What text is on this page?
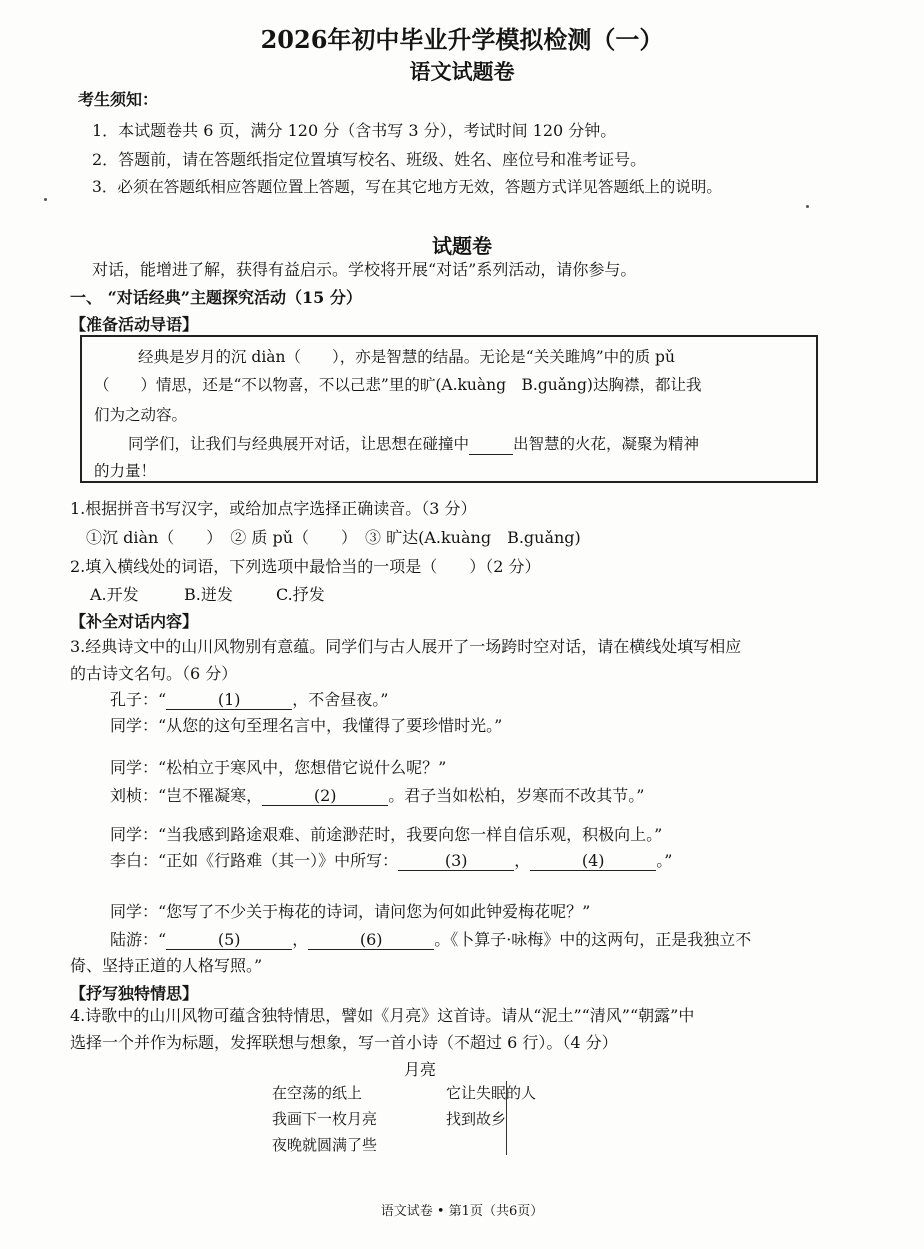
2026年初中毕业升学模拟检测（一）
语文试题卷
考生须知：
1．本试题卷共 6 页，满分 120 分（含书写 3 分），考试时间 120 分钟。
2．答题前，请在答题纸指定位置填写校名、班级、姓名、座位号和准考证号。
3．必须在答题纸相应答题位置上答题，写在其它地方无效，答题方式详见答题纸上的说明。
试题卷
对话，能增进了解，获得有益启示。学校将开展“对话”系列活动，请你参与。
一、 “对话经典”主题探究活动（15 分）
【准备活动导语】
经典是岁月的沉 diàn（　　），亦是智慧的结晶。无论是“关关雎鸠”中的质 pǔ
（　　）情思，还是“不以物喜，不以己悲”里的旷(A.kuàng　B.guǎng)达胸襟，都让我
们为之动容。
同学们，让我们与经典展开对话，让思想在碰撞中	出智慧的火花，凝聚为精神
的力量！
1.根据拼音书写汉字，或给加点字选择正确读音。（3 分）
①沉 diàn（　　）　② 质 pǔ（　　）　③ 旷达(A.kuàng　B.guǎng)
2.填入横线处的词语，下列选项中最恰当的一项是（　　）（2 分）
A.开发	B.迸发	C.抒发
【补全对话内容】
3.经典诗文中的山川风物别有意蕴。同学们与古人展开了一场跨时空对话，请在横线处填写相应
的古诗文名句。（6 分）
孔子：“	(1)	，不舍昼夜。”
同学：“从您的这句至理名言中，我懂得了要珍惜时光。”
同学：“松柏立于寒风中，您想借它说什么呢？”
刘桢：“岂不罹凝寒，	(2)	。君子当如松柏，岁寒而不改其节。”
同学：“当我感到路途艰难、前途渺茫时，我要向您一样自信乐观，积极向上。”
李白：“正如《行路难（其一）》中所写：	(3)	，	(4)	。”
同学：“您写了不少关于梅花的诗词，请问您为何如此钟爱梅花呢？”
陆游：“	(5)	，	(6)	。《卜算子·咏梅》中的这两句，正是我独立不
倚、坚持正道的人格写照。”
【抒写独特情思】
4.诗歌中的山川风物可蕴含独特情思，譬如《月亮》这首诗。请从“泥土”“清风”“朝露”中
选择一个并作为标题，发挥联想与想象，写一首小诗（不超过 6 行）。（4 分）
月亮
在空荡的纸上
我画下一枚月亮
夜晚就圆满了些
它让失眠的人
找到故乡
语文试卷 • 第1页（共6页）
